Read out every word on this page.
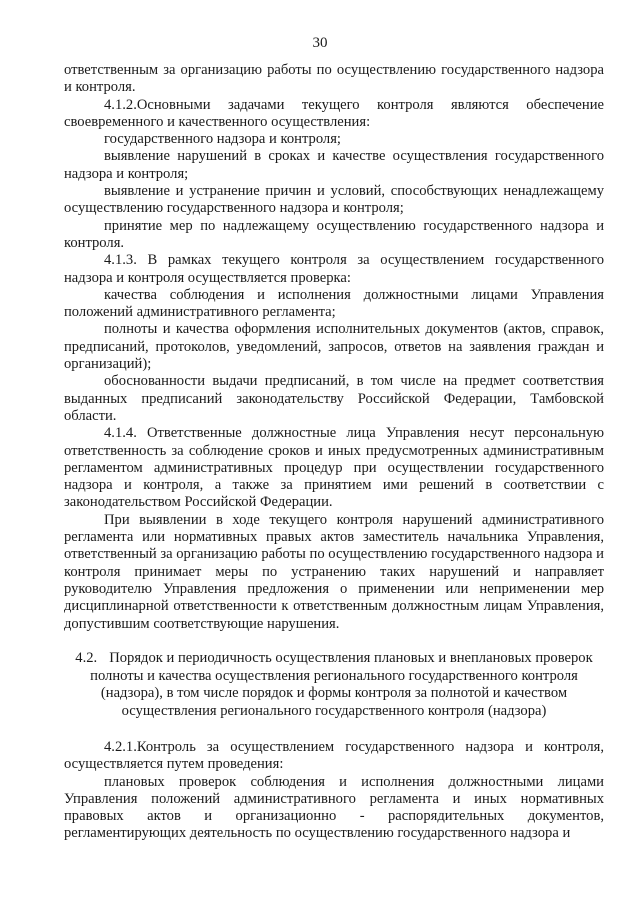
30

ответственным за организацию работы по осуществлению государственного надзора и контроля.

4.1.2.Основными задачами текущего контроля являются обеспечение своевременного и качественного осуществления:

государственного надзора и контроля;

выявление нарушений в сроках и качестве осуществления государственного надзора и контроля;

выявление и устранение причин и условий, способствующих ненадлежащему осуществлению государственного надзора и контроля;

принятие мер по надлежащему осуществлению государственного надзора и контроля.

4.1.3. В рамках текущего контроля за осуществлением государственного надзора и контроля осуществляется проверка:

качества соблюдения и исполнения должностными лицами Управления положений административного регламента;

полноты и качества оформления исполнительных документов (актов, справок, предписаний, протоколов, уведомлений, запросов, ответов на заявления граждан и организаций);

обоснованности выдачи предписаний, в том числе на предмет соответствия выданных предписаний законодательству Российской Федерации, Тамбовской области.

4.1.4. Ответственные должностные лица Управления несут персональную ответственность за соблюдение сроков и иных предусмотренных административным регламентом административных процедур при осуществлении государственного надзора и контроля, а также за принятием ими решений в соответствии с законодательством Российской Федерации.

При выявлении в ходе текущего контроля нарушений административного регламента или нормативных правых актов заместитель начальника Управления, ответственный за организацию работы по осуществлению государственного надзора и контроля принимает меры по устранению таких нарушений и направляет руководителю Управления предложения о применении или неприменении мер дисциплинарной ответственности к ответственным должностным лицам Управления, допустившим соответствующие нарушения.

4.2. Порядок и периодичность осуществления плановых и внеплановых проверок полноты и качества осуществления регионального государственного контроля (надзора), в том числе порядок и формы контроля за полнотой и качеством осуществления регионального государственного контроля (надзора)

4.2.1.Контроль за осуществлением государственного надзора и контроля, осуществляется путем проведения:

плановых проверок соблюдения и исполнения должностными лицами Управления положений административного регламента и иных нормативных правовых актов и организационно - распорядительных документов, регламентирующих деятельность по осуществлению государственного надзора и
